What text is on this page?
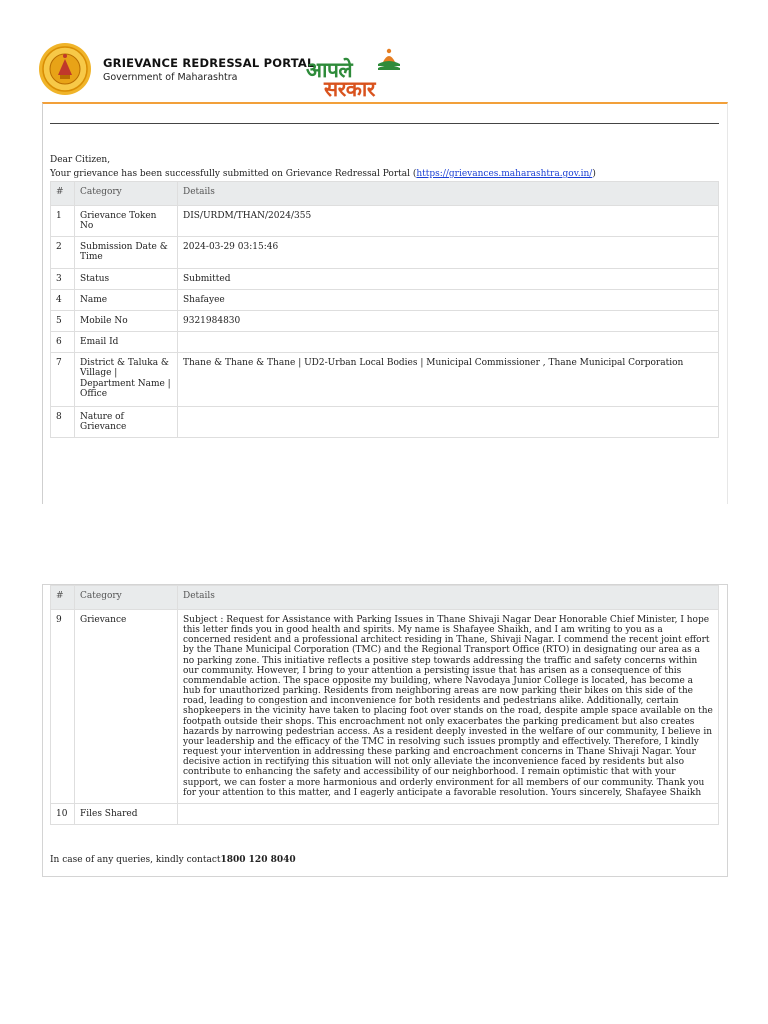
GRIEVANCE REDRESSAL PORTAL
Government of Maharashtra	आपले
सरकार
Dear Citizen,
Your grievance has been successfully submitted on Grievance Redressal Portal (https://grievances.maharashtra.gov.in/)
#	Category	Details
1	Grievance Token No	DIS/URDM/THAN/2024/355
2	Submission Date & Time	2024-03-29 03:15:46
3	Status	Submitted
4	Name	Shafayee
5	Mobile No	9321984830
6	Email Id	
7	District & Taluka & Village | Department Name | Office	Thane & Thane & Thane | UD2-Urban Local Bodies | Municipal Commissioner , Thane Municipal Corporation
8	Nature of Grievance	
#	Category	Details
9	Grievance	Subject : Request for Assistance with Parking Issues in Thane Shivaji Nagar Dear Honorable Chief Minister, I hope this letter finds you in good health and spirits. My name is Shafayee Shaikh, and I am writing to you as a concerned resident and a professional architect residing in Thane, Shivaji Nagar. I commend the recent joint effort by the Thane Municipal Corporation (TMC) and the Regional Transport Office (RTO) in designating our area as a no parking zone. This initiative reflects a positive step towards addressing the traffic and safety concerns within our community. However, I bring to your attention a persisting issue that has arisen as a consequence of this commendable action. The space opposite my building, where Navodaya Junior College is located, has become a hub for unauthorized parking. Residents from neighboring areas are now parking their bikes on this side of the road, leading to congestion and inconvenience for both residents and pedestrians alike. Additionally, certain shopkeepers in the vicinity have taken to placing foot over stands on the road, despite ample space available on the footpath outside their shops. This encroachment not only exacerbates the parking predicament but also creates hazards by narrowing pedestrian access. As a resident deeply invested in the welfare of our community, I believe in your leadership and the efficacy of the TMC in resolving such issues promptly and effectively. Therefore, I kindly request your intervention in addressing these parking and encroachment concerns in Thane Shivaji Nagar. Your decisive action in rectifying this situation will not only alleviate the inconvenience faced by residents but also contribute to enhancing the safety and accessibility of our neighborhood. I remain optimistic that with your support, we can foster a more harmonious and orderly environment for all members of our community. Thank you for your attention to this matter, and I eagerly anticipate a favorable resolution. Yours sincerely, Shafayee Shaikh
10	Files Shared	
In case of any queries, kindly contact1800 120 8040
